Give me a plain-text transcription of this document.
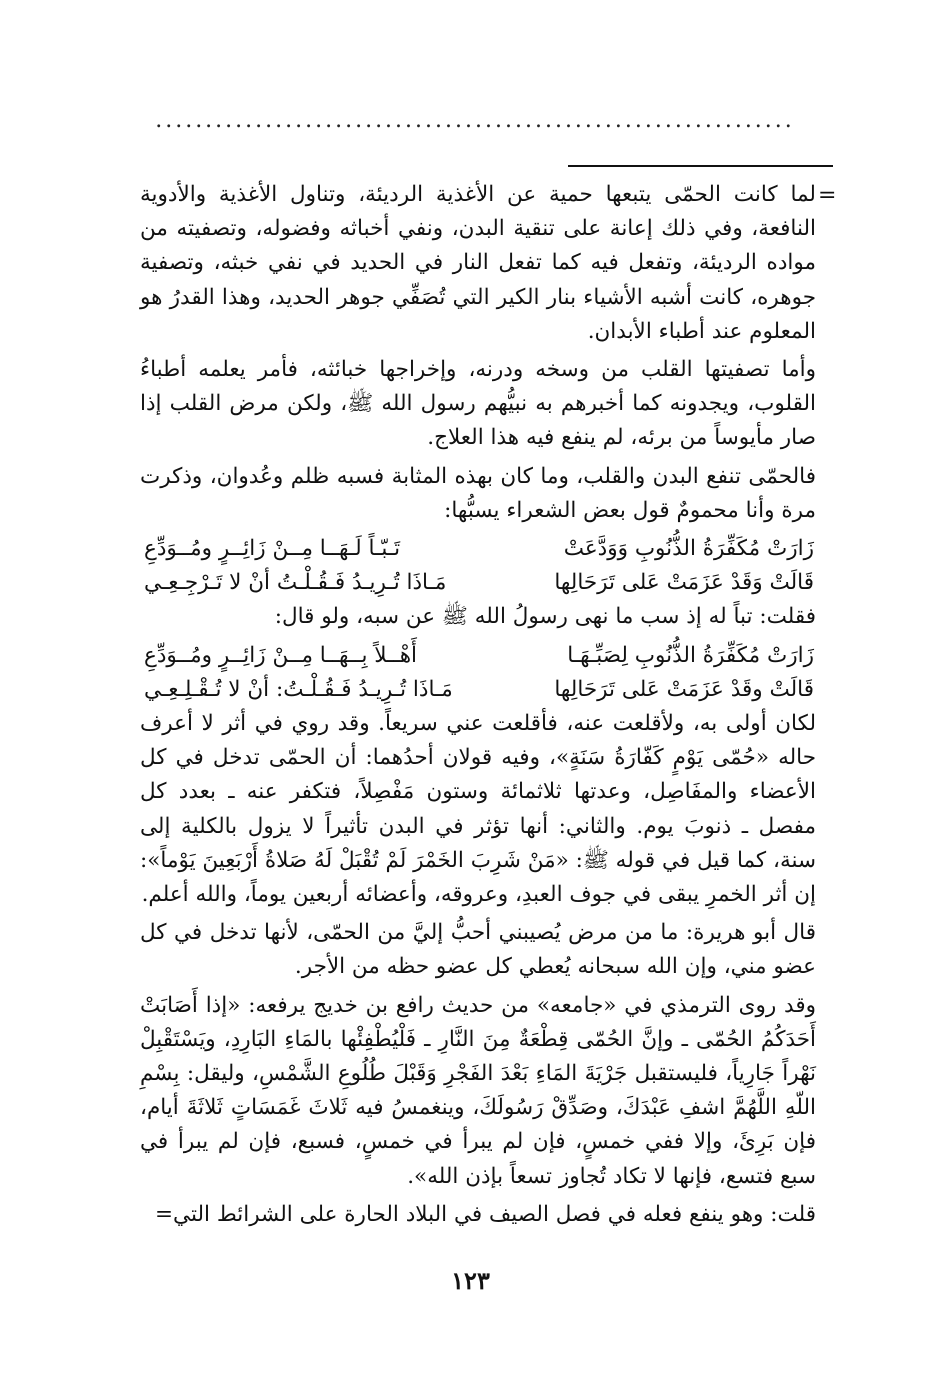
................................................................
=

لما كانت الحمّى يتبعها حمية عن الأغذية الرديئة، وتناول الأغذية والأدوية النافعة، وفي ذلك إعانة على تنقية البدن، ونفي أخباثه وفضوله، وتصفيته من مواده الرديئة، وتفعل فيه كما تفعل النار في الحديد في نفي خبثه، وتصفية جوهره، كانت أشبه الأشياء بنار الكير التي تُصَفِّي جوهر الحديد، وهذا القدرُ هو المعلوم عند أطباء الأبدان.

وأما تصفيتها القلب من وسخه ودرنه، وإخراجها خبائثه، فأمر يعلمه أطباءُ القلوب، ويجدونه كما أخبرهم به نبيُّهم رسول الله ﷺ، ولكن مرض القلب إذا صار مأيوساً من برئه، لم ينفع فيه هذا العلاج.

فالحمّى تنفع البدن والقلب، وما كان بهذه المثابة فسبه ظلم وعُدوان، وذكرت مرة وأنا محمومٌ قول بعض الشعراء يسبُّها:

زَارَتْ مُكَفِّرَةُ الذُّنُوبِ وَوَدَّعَتْ
تَـبّـاً لَـهَــا مِــنْ زَائِــرٍ ومُــوَدِّعِ
قَالَتْ وَقَدْ عَزَمَتْ عَلى تَرَحَالِها
مَـاذَا تُـرِيـدُ فَـقُـلْـتُ أنْ لا تَـرْجِـعِـي

فقلت: تباً له إذ سب ما نهى رسولُ الله ﷺ عن سبه، ولو قال:

زَارَتْ مُكَفِّرَةُ الذُّنُوبِ لِصَبِّـهَـا
أَهْــلاً بِــهَــا مِــنْ زَائِــرٍ ومُــوَدِّعِ
قَالَتْ وقَدْ عَزَمَتْ عَلى تَرَحَالِها
مَـاذَا تُـرِيـدُ فَـقُـلْـتُ: أنْ لا تُـقْـلِـعِـي

لكان أولى به، ولأقلعت عنه، فأقلعت عني سريعاً. وقد روي في أثر لا أعرف حاله «حُمّى يَوْمٍ كَفّارَةُ سَنَةٍ»، وفيه قولان أحدُهما: أن الحمّى تدخل في كل الأعضاء والمفَاصِل، وعدتها ثلاثمائة وستون مَفْصِلاً، فتكفر عنه ـ بعدد كل مفصل ـ ذنوبَ يوم. والثاني: أنها تؤثر في البدن تأثيراً لا يزول بالكلية إلى سنة، كما قيل في قوله ﷺ: «مَنْ شَرِبَ الخَمْرَ لَمْ تُقْبَلْ لَهُ صَلاةُ أَرْبَعِينَ يَوْماً»: إن أثر الخمرِ يبقى في جوف العبدِ، وعروقه، وأعضائه أربعين يوماً، والله أعلم.

قال أبو هريرة: ما من مرض يُصيبني أحبُّ إليَّ من الحمّى، لأنها تدخل في كل عضو مني، وإن الله سبحانه يُعطي كل عضو حظه من الأجر.

وقد روى الترمذي في «جامعه» من حديث رافع بن خديج يرفعه: «إذا أَصَابَتْ أَحَدَكُمُ الحُمّى ـ وإنَّ الحُمّى قِطْعَةٌ مِنَ النَّارِ ـ فَلْيُطْفِئْها بالمَاءِ البَارِدِ، ويَسْتَقْبِلْ نَهْراً جَارِياً، فليستقبل جَرْيَةَ المَاءِ بَعْدَ الفَجْرِ وَقَبْلَ طُلُوعِ الشَّمْسِ، وليقل: بِسْمِ اللّهِ اللَّهُمَّ اشفِ عَبْدَكَ، وصَدِّقْ رَسُولَكَ، وينغمسُ فيه ثَلاثَ غَمَسَاتٍ ثَلاثَةَ أيام، فإن بَرِئَ، وإلا ففي خمسٍ، فإن لم يبرأ في خمسٍ، فسبع، فإن لم يبرأ في سبع فتسع، فإنها لا تكاد تُجاوز تسعاً بإذن الله».

قلت: وهو ينفع فعله في فصل الصيف في البلاد الحارة على الشرائط التي=

١٢٣
